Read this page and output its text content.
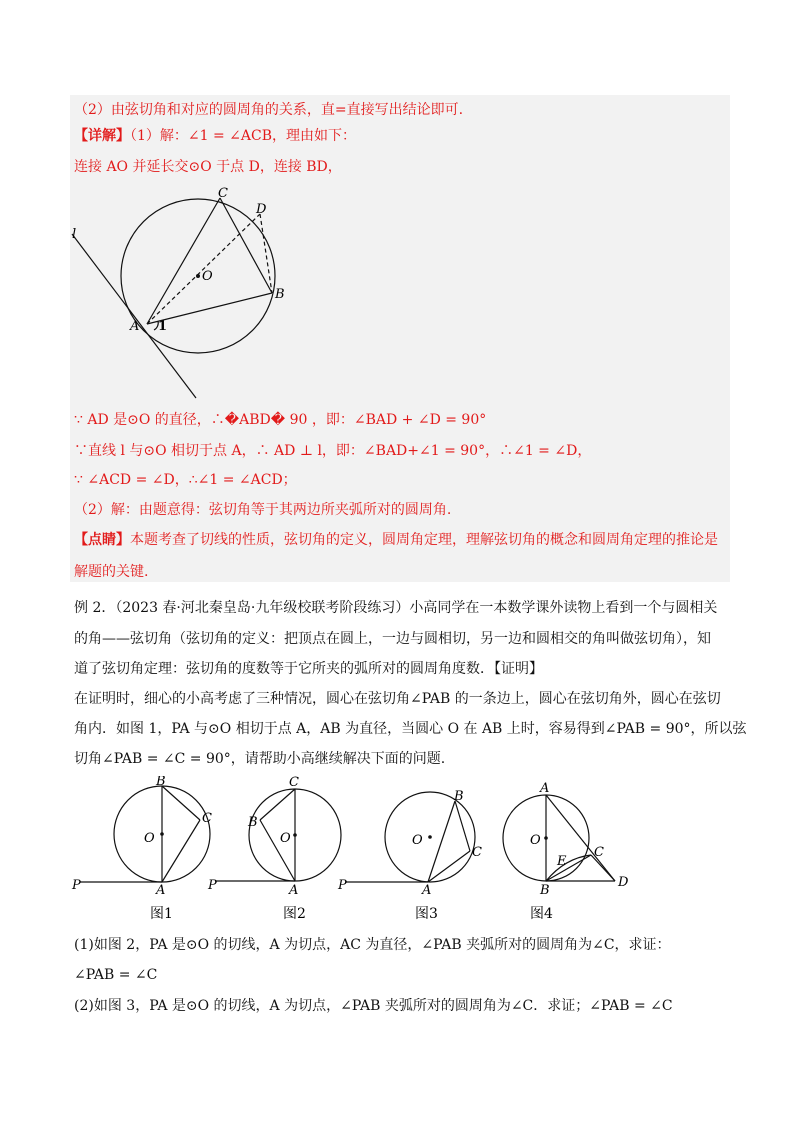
（2）由弦切角和对应的圆周角的关系，直=直接写出结论即可.
【详解】（1）解：∠1 = ∠ACB，理由如下：
连接 AO 并延长交⊙O 于点 D，连接 BD，
C
D
l
O
B
A 1
∵ AD 是⊙O 的直径，∴�ABD� 90 ，即：∠BAD + ∠D = 90°
∵直线 l 与⊙O 相切于点 A，∴ AD ⊥ l，即：∠BAD+∠1 = 90°，∴∠1 = ∠D，
∵ ∠ACD = ∠D，∴∠1 = ∠ACD；
（2）解：由题意得：弦切角等于其两边所夹弧所对的圆周角.
【点睛】本题考查了切线的性质，弦切角的定义，圆周角定理，理解弦切角的概念和圆周角定理的推论是
解题的关键.
例 2．（2023 春·河北秦皇岛·九年级校联考阶段练习）小高同学在一本数学课外读物上看到一个与圆相关
的角——弦切角（弦切角的定义：把顶点在圆上，一边与圆相切，另一边和圆相交的角叫做弦切角），知
道了弦切角定理：弦切角的度数等于它所夹的弧所对的圆周角度数．【证明】
在证明时，细心的小高考虑了三种情况，圆心在弦切角∠PAB 的一条边上，圆心在弦切角外，圆心在弦切
角内．如图 1，PA 与⊙O 相切于点 A，AB 为直径，当圆心 O 在 AB 上时，容易得到∠PAB = 90°，所以弦
切角∠PAB = ∠C = 90°，请帮助小高继续解决下面的问题.
B
C
O
P	A
C
B
O
P	A
B
O
C
P	A
A
O
C
E
B
D
图1	图2	图3	图4
(1)如图 2，PA 是⊙O 的切线，A 为切点，AC 为直径，∠PAB 夹弧所对的圆周角为∠C，求证：
∠PAB = ∠C
(2)如图 3，PA 是⊙O 的切线，A 为切点，∠PAB 夹弧所对的圆周角为∠C．求证；∠PAB = ∠C
